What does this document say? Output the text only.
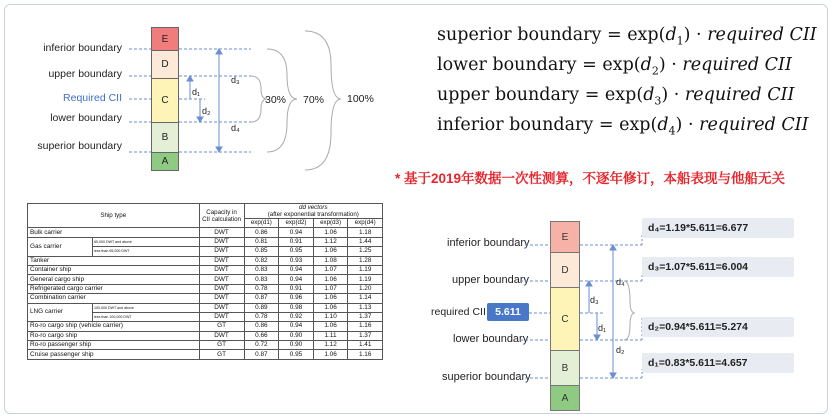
inferior boundary
upper boundary
Required CII
lower boundary
superior boundary
E
D
C
B
A
d₁
d₂
d₃
d₄
30% 70% 100%
superior boundary = $\exp(d_1)$ · required CII
lower boundary = $\exp(d_2)$ · required CII
upper boundary = $\exp(d_3)$ · required CII
inferior boundary = $\exp(d_4)$ · required CII
* 基于2019年数据一次性测算，不逐年修订，本船表现与他船无关
Ship type		Capacity in CII calculation	dd vectors
(after exponential transformation)			
			exp(d1)	exp(d2)	exp(d3)	exp(d4)
Bulk carrier		DWT	0.86	0.94	1.06	1.18
Gas carrier	65,000 DWT and above	DWT	0.81	0.91	1.12	1.44
	less than 65,000 DWT	DWT	0.85	0.95	1.06	1.25
Tanker		DWT	0.82	0.93	1.08	1.28
Container ship		DWT	0.83	0.94	1.07	1.19
General cargo ship		DWT	0.83	0.94	1.06	1.19
Refrigerated cargo carrier		DWT	0.78	0.91	1.07	1.20
Combination carrier		DWT	0.87	0.96	1.06	1.14
LNG carrier	100,000 DWT and above	DWT	0.89	0.98	1.06	1.13
	less than 100,000 DWT	DWT	0.78	0.92	1.10	1.37
Ro-ro cargo ship (vehicle carrier)		GT	0.86	0.94	1.06	1.16
Ro-ro cargo ship		DWT	0.66	0.90	1.11	1.37
Ro-ro passenger ship		GT	0.72	0.90	1.12	1.41
Cruise passenger ship		GT	0.87	0.95	1.06	1.16
inferior boundary
upper boundary
required CII 5.611
lower boundary
superior boundary
E
D
C
B
A
d₄
d₃
d₁
d₂
d₄=1.19*5.611=6.677
d₃=1.07*5.611=6.004
d₂=0.94*5.611=5.274
d₁=0.83*5.611=4.657
